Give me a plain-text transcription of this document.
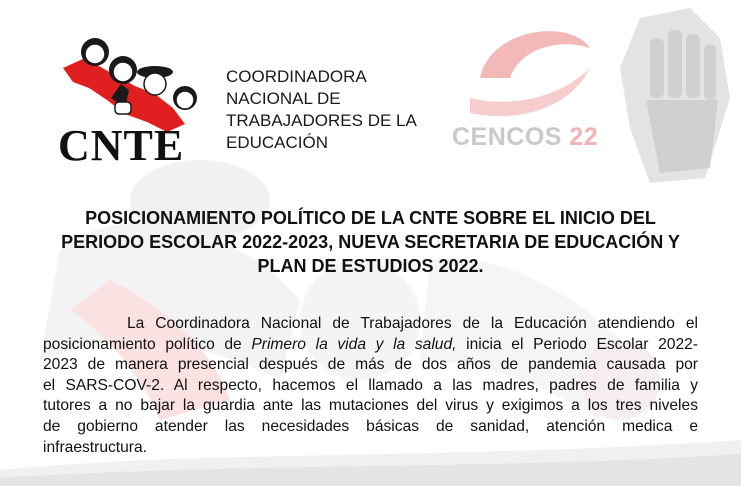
CNTE
COORDINADORA
NACIONAL DE
TRABAJADORES DE LA
EDUCACIÓN	CENCOS 22
POSICIONAMIENTO POLÍTICO DE LA CNTE SOBRE EL INICIO DEL
PERIODO ESCOLAR 2022-2023, NUEVA SECRETARIA DE EDUCACIÓN Y
PLAN DE ESTUDIOS 2022.
La Coordinadora Nacional de Trabajadores de la Educación atendiendo el
posicionamiento político de Primero la vida y la salud, inicia el Periodo Escolar 2022-
2023 de manera presencial después de más de dos años de pandemia causada por
el SARS-COV-2. Al respecto, hacemos el llamado a las madres, padres de familia y
tutores a no bajar la guardia ante las mutaciones del virus y exigimos a los tres niveles
de gobierno atender las necesidades básicas de sanidad, atención medica e
infraestructura.
